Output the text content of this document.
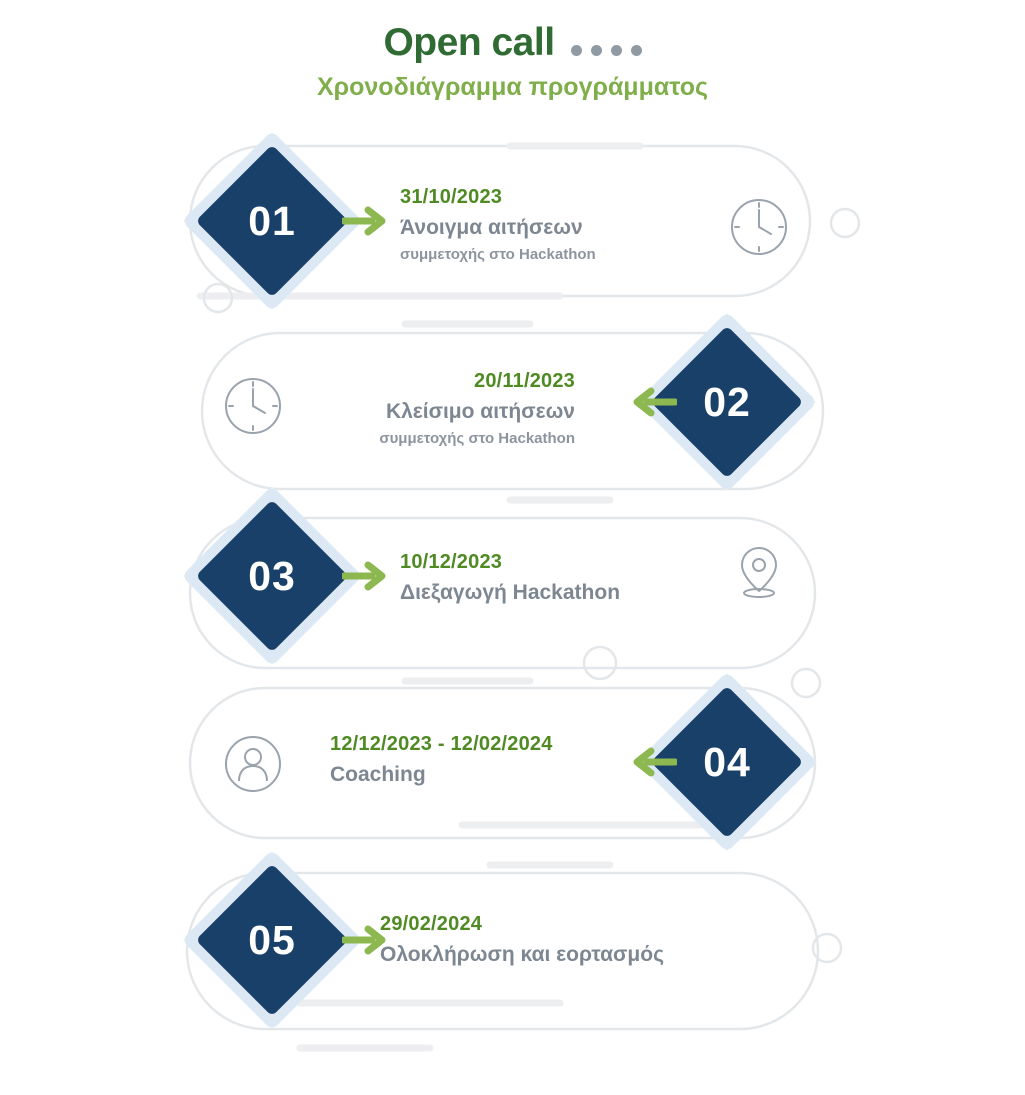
Open call
Χρονοδιάγραμμα προγράμματος
01
31/10/2023
Άνοιγμα αιτήσεων
συμμετοχής στο Hackathon
02
20/11/2023
Κλείσιμο αιτήσεων
συμμετοχής στο Hackathon
03	10/12/2023
Διεξαγωγή Hackathon
04
12/12/2023 - 12/02/2024
Coaching
05	29/02/2024
Ολοκλήρωση και εορτασμός
